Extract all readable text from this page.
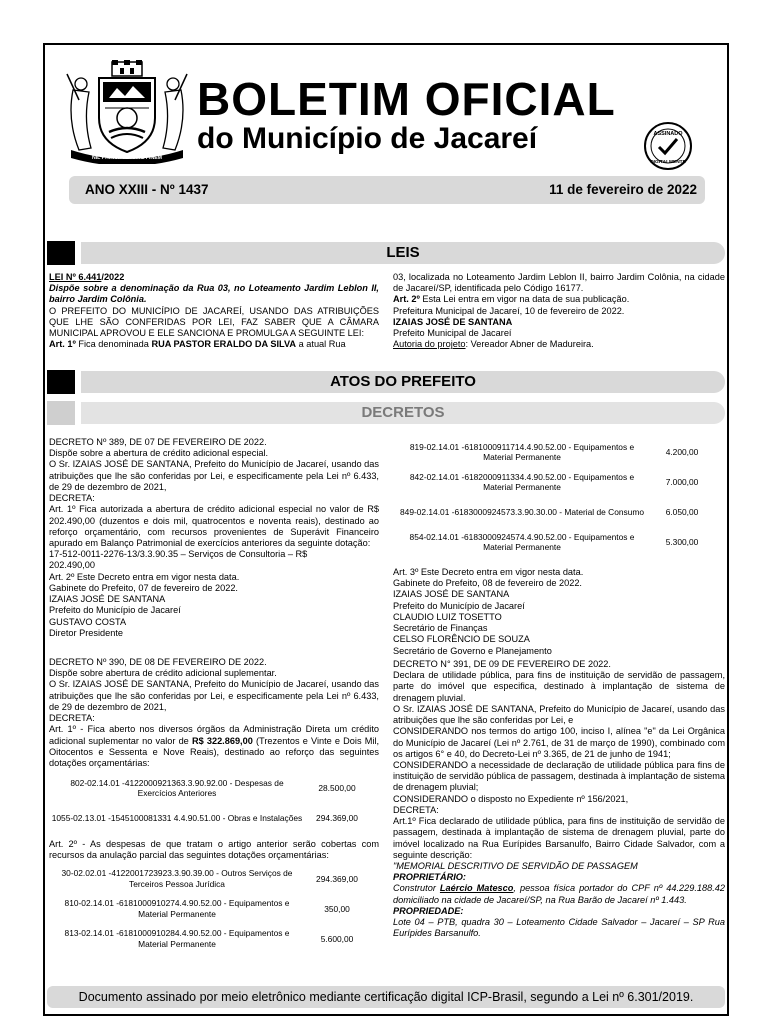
NIL PRINCIPIIS ANTE FINEM
BOLETIM OFICIAL
do Município de Jacareí	ASSINADO
DIGITALMENTE
ANO XXIII - Nº 1437	11 de fevereiro de 2022
LEIS

LEI Nº 6.441/2022

Dispõe sobre a denominação da Rua 03, no Loteamento Jardim Leblon II, bairro Jardim Colônia.

O PREFEITO DO MUNICÍPIO DE JACAREÍ, USANDO DAS ATRIBUIÇÕES QUE LHE SÃO CONFERIDAS POR LEI, FAZ SABER QUE A CÂMARA MUNICIPAL APROVOU E ELE SANCIONA E PROMULGA A SEGUINTE LEI:

Art. 1º Fica denominada RUA PASTOR ERALDO DA SILVA a atual Rua

03, localizada no Loteamento Jardim Leblon II, bairro Jardim Colônia, na cidade de Jacareí/SP, identificada pelo Código 16177.

Art. 2º Esta Lei entra em vigor na data de sua publicação.

Prefeitura Municipal de Jacareí, 10 de fevereiro de 2022.

IZAIAS JOSÉ DE SANTANA

Prefeito Municipal de Jacareí

Autoria do projeto: Vereador Abner de Madureira.

ATOS DO PREFEITO
DECRETOS

DECRETO Nº 389, DE 07 DE FEVEREIRO DE 2022.

Dispõe sobre a abertura de crédito adicional especial.

O Sr. IZAIAS JOSÉ DE SANTANA, Prefeito do Município de Jacareí, usando das atribuições que lhe são conferidas por Lei, e especificamente pela Lei nº 6.433, de 29 de dezembro de 2021,

DECRETA:

Art. 1º Fica autorizada a abertura de crédito adicional especial no valor de R$ 202.490,00 (duzentos e dois mil, quatrocentos e noventa reais), destinado ao reforço orçamentário, com recursos provenientes de Superávit Financeiro apurado em Balanço Patrimonial de exercícios anteriores da seguinte dotação:

17-512-0011-2276-13/3.3.90.35 – Serviços de Consultoria – R$

202.490,00

Art. 2º Este Decreto entra em vigor nesta data.

Gabinete do Prefeito, 07 de fevereiro de 2022.

IZAIAS JOSÉ DE SANTANA

Prefeito do Município de Jacareí

GUSTAVO COSTA

Diretor Presidente

819-02.14.01 -6181000911714.4.90.52.00 - Equipamentos e Material Permanente	4.200,00
842-02.14.01 -6182000911334.4.90.52.00 - Equipamentos e Material Permanente	7.000,00
849-02.14.01 -6183000924573.3.90.30.00 - Material de Consumo	6.050,00
854-02.14.01 -6183000924574.4.90.52.00 - Equipamentos e Material Permanente	5.300,00

Art. 3º Este Decreto entra em vigor nesta data.

Gabinete do Prefeito, 08 de fevereiro de 2022.

IZAIAS JOSÉ DE SANTANA

Prefeito do Município de Jacareí

CLAUDIO LUIZ TOSETTO

Secretário de Finanças

CELSO FLORÊNCIO DE SOUZA

Secretário de Governo e Planejamento

DECRETO Nº 390, DE 08 DE FEVEREIRO DE 2022.

Dispõe sobre abertura de crédito adicional suplementar.

O Sr. IZAIAS JOSÉ DE SANTANA, Prefeito do Município de Jacareí, usando das atribuições que lhe são conferidas por Lei, e especificamente pela Lei nº 6.433, de 29 de dezembro de 2021,

DECRETA:

Art. 1º - Fica aberto nos diversos órgãos da Administração Direta um crédito adicional suplementar no valor de R$ 322.869,00 (Trezentos e Vinte e Dois Mil, Oitocentos e Sessenta e Nove Reais), destinado ao reforço das seguintes dotações orçamentárias:

802-02.14.01 -4122000921363.3.90.92.00 - Despesas de Exercícios Anteriores	28.500,00
1055-02.13.01 -1545100081331 4.4.90.51.00 - Obras e Instalações	294.369,00

Art. 2º - As despesas de que tratam o artigo anterior serão cobertas com recursos da anulação parcial das seguintes dotações orçamentárias:

30-02.02.01 -4122001723923.3.90.39.00 - Outros Serviços de Terceiros Pessoa Jurídica	294.369,00
810-02.14.01 -6181000910274.4.90.52.00 - Equipamentos e Material Permanente	350,00
813-02.14.01 -6181000910284.4.90.52.00 - Equipamentos e Material Permanente	5.600,00

DECRETO N° 391, DE 09 DE FEVEREIRO DE 2022.

Declara de utilidade pública, para fins de instituição de servidão de passagem, parte do imóvel que especifica, destinado à implantação de sistema de drenagem pluvial.

O Sr. IZAIAS JOSÉ DE SANTANA, Prefeito do Município de Jacareí, usando das atribuições que lhe são conferidas por Lei, e

CONSIDERANDO nos termos do artigo 100, inciso I, alínea "e" da Lei Orgânica do Município de Jacareí (Lei nº 2.761, de 31 de março de 1990), combinado com os artigos 6° e 40, do Decreto-Lei nº 3.365, de 21 de junho de 1941;

CONSIDERANDO a necessidade de declaração de utilidade pública para fins de instituição de servidão pública de passagem, destinada à implantação de sistema de drenagem pluvial;

CONSIDERANDO o disposto no Expediente nº 156/2021,

DECRETA:

Art.1º Fica declarado de utilidade pública, para fins de instituição de servidão de passagem, destinada à implantação de sistema de drenagem pluvial, parte do imóvel localizado na Rua Eurípides Barsanulfo, Bairro Cidade Salvador, com a seguinte descrição:

"MEMORIAL DESCRITIVO DE SERVIDÃO DE PASSAGEM

PROPRIETÁRIO:

Construtor Laércio Matesco, pessoa física portador do CPF nº 44.229.188.42 domiciliado na cidade de Jacareí/SP, na Rua Barão de Jacareí nº 1.443.

PROPRIEDADE:

Lote 04 – PTB, quadra 30 – Loteamento Cidade Salvador – Jacareí – SP Rua Eurípides Barsanulfo.

Documento assinado por meio eletrônico mediante certificação digital ICP-Brasil, segundo a Lei nº 6.301/2019.
